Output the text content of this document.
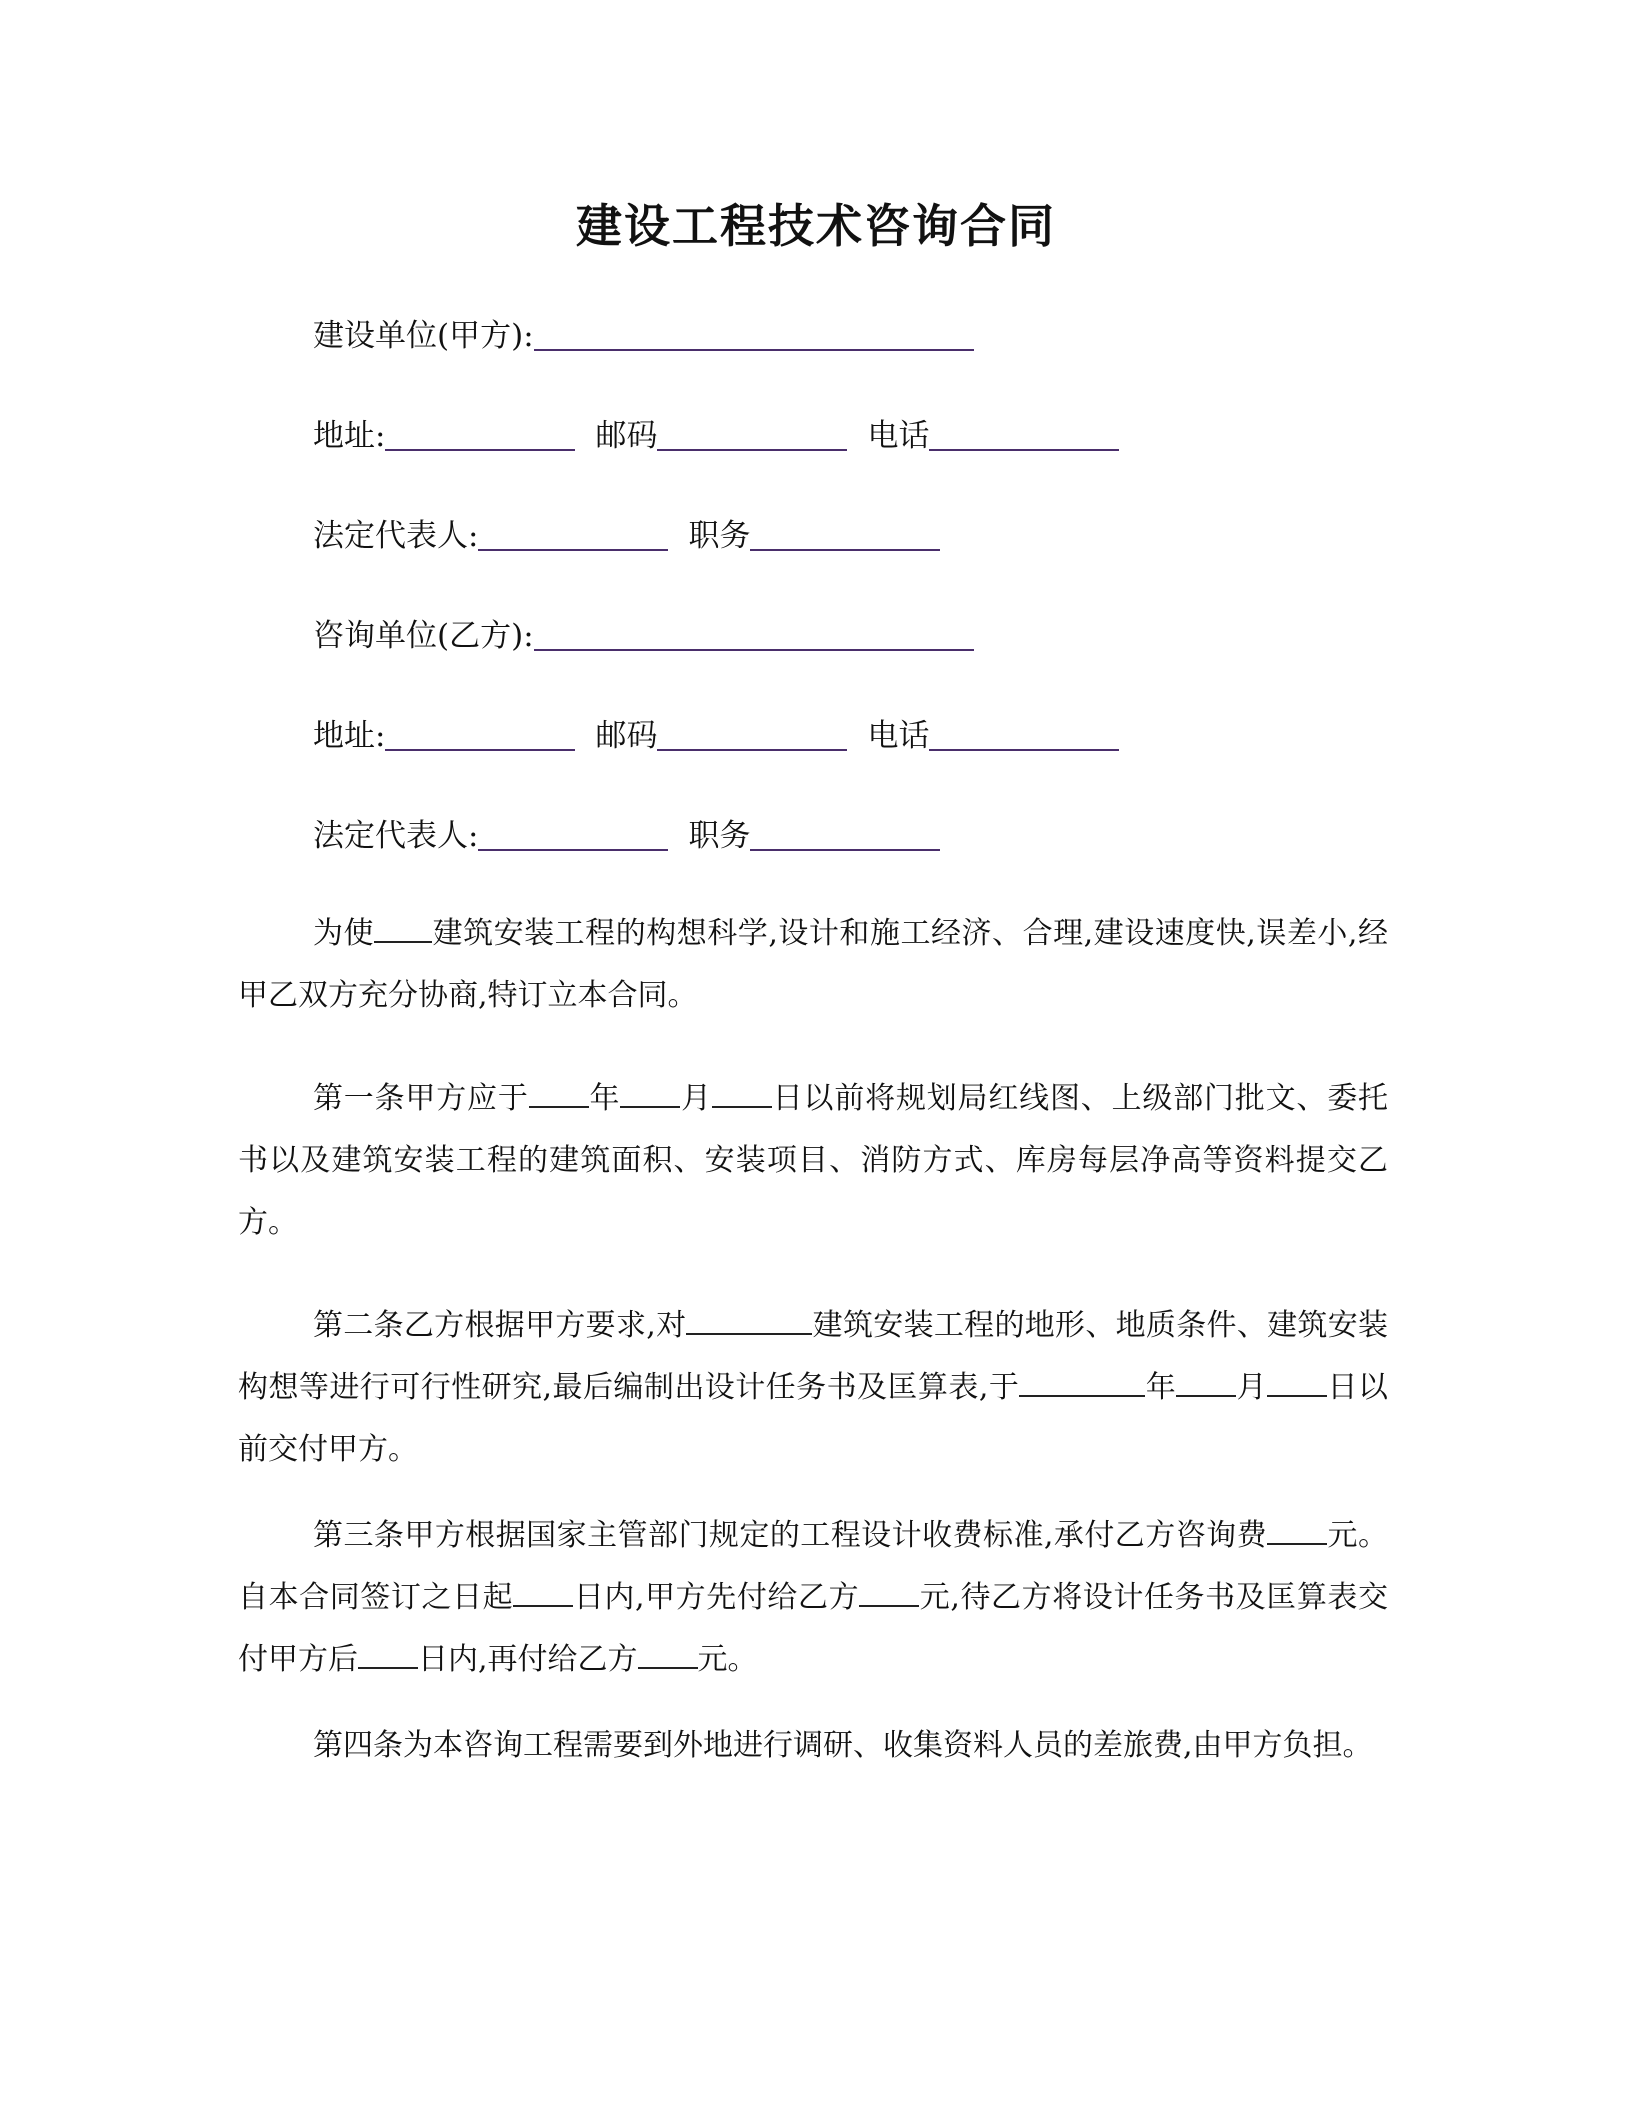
建设工程技术咨询合同
建设单位(甲方):
地址:	邮码	电话
法定代表人:	职务
咨询单位(乙方):
地址:	邮码	电话
法定代表人:	职务
为使 建筑安装工程的构想科学,设计和施工经济、合理,建设速度快,误差小,经甲乙双方充分协商,特订立本合同。
第一条甲方应于 年 月 日以前将规划局红线图、上级部门批文、委托书以及建筑安装工程的建筑面积、安装项目、消防方式、库房每层净高等资料提交乙方。
第二条乙方根据甲方要求,对	建筑安装工程的地形、地质条件、建筑安装构想等进行可行性研究,最后编制出设计任务书及匡算表,于	年 月 日以前交付甲方。
第三条甲方根据国家主管部门规定的工程设计收费标准,承付乙方咨询费 元。自本合同签订之日起 日内,甲方先付给乙方 元,待乙方将设计任务书及匡算表交付甲方后 日内,再付给乙方 元。
第四条为本咨询工程需要到外地进行调研、收集资料人员的差旅费,由甲方负担。
